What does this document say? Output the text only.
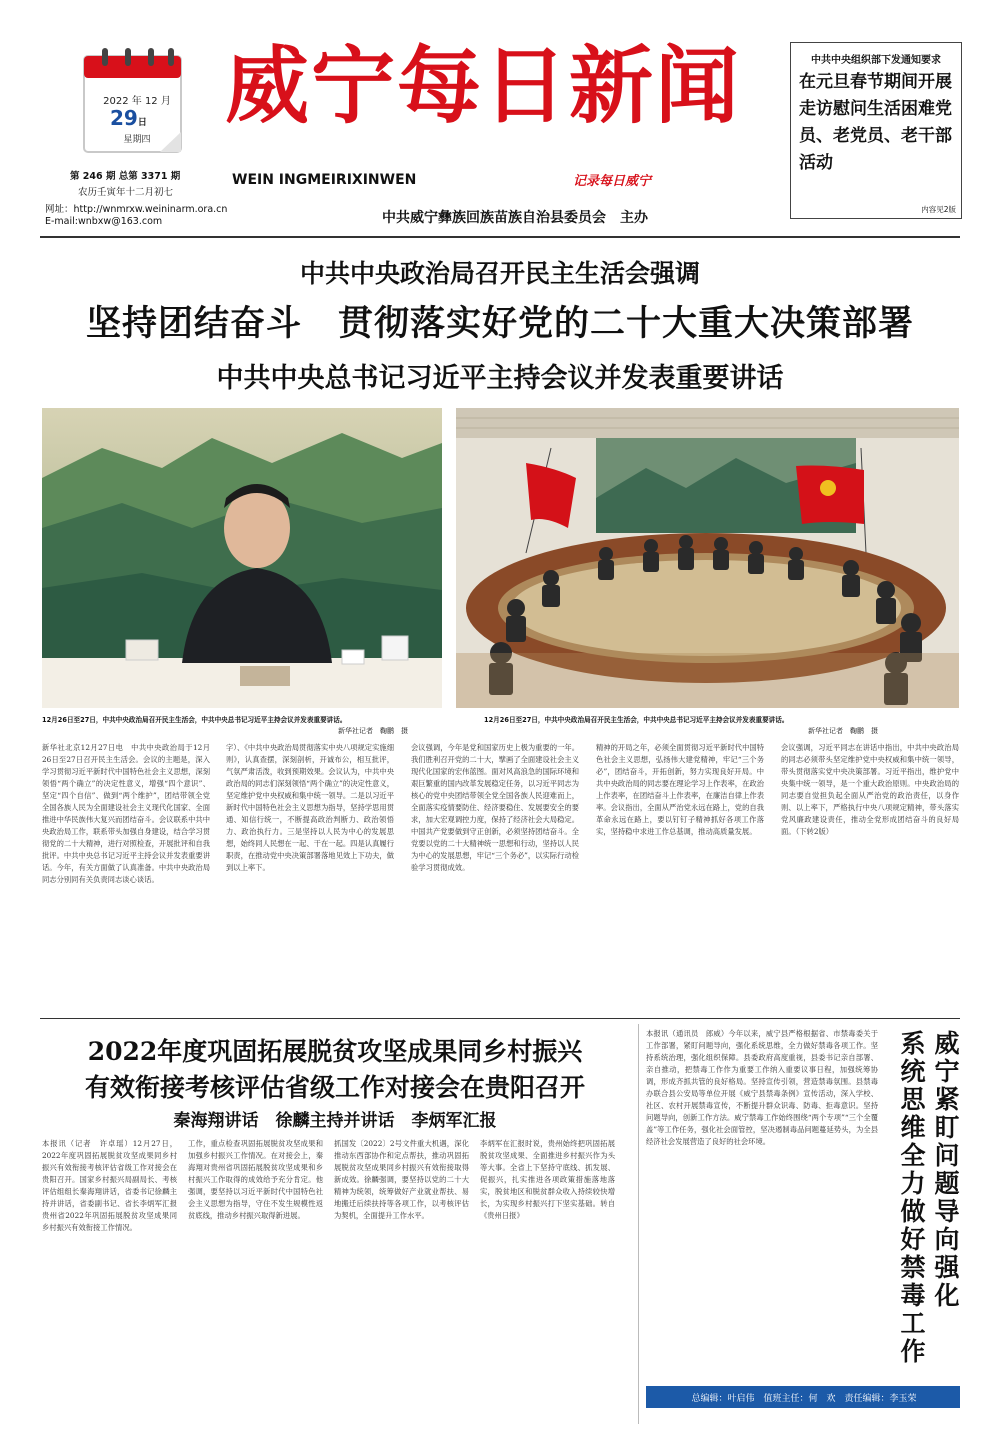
2022 年 12 月
29日
星期四
第 246 期 总第 3371 期
农历壬寅年十二月初七
网址：http://wnmrxw.weininarm.ora.cn
E-mail:wnbxw@163.com
威宁每日新闻
WEIN INGMEIRIXINWEN	记录每日威宁
中共威宁彝族回族苗族自治县委员会　主办
中共中央组织部下发通知要求
在元旦春节期间开展走访慰问生活困难党员、老党员、老干部活动
内容见2版
中共中央政治局召开民主生活会强调
坚持团结奋斗　贯彻落实好党的二十大重大决策部署
中共中央总书记习近平主持会议并发表重要讲话
12月26日至27日，中共中央政治局召开民主生活会，中共中央总书记习近平主持会议并发表重要讲话。
新华社记者　鞠鹏　摄
12月26日至27日，中共中央政治局召开民主生活会，中共中央总书记习近平主持会议并发表重要讲话。
新华社记者　鞠鹏　摄
新华社北京12月27日电　中共中央政治局于12月26日至27日召开民主生活会。会议的主题是，深入学习贯彻习近平新时代中国特色社会主义思想，深刻领悟“两个确立”的决定性意义，增强“四个意识”、坚定“四个自信”、做到“两个维护”，团结带领全党全国各族人民为全面建设社会主义现代化国家、全面推进中华民族伟大复兴而团结奋斗。会议联系中共中央政治局工作，联系带头加强自身建设，结合学习贯彻党的二十大精神，进行对照检查，开展批评和自我批评。中共中央总书记习近平主持会议并发表重要讲话。今年，有关方面做了认真准备。中共中央政治局同志分别同有关负责同志谈心谈话。
字）、《中共中央政治局贯彻落实中央八项规定实施细则》，认真查摆，深刻剖析，开诚布公，相互批评，气氛严肃活泼，收到预期效果。会议认为，中共中央政治局的同志们深刻领悟“两个确立”的决定性意义，坚定维护党中央权威和集中统一领导。二是以习近平新时代中国特色社会主义思想为指导，坚持学思用贯通、知信行统一，不断提高政治判断力、政治领悟力、政治执行力。三是坚持以人民为中心的发展思想，始终同人民想在一起、干在一起。四是认真履行职责，在推动党中央决策部署落地见效上下功夫，做到以上率下。
会议强调，今年是党和国家历史上极为重要的一年。我们胜利召开党的二十大，擘画了全面建设社会主义现代化国家的宏伟蓝图。面对风高浪急的国际环境和艰巨繁重的国内改革发展稳定任务，以习近平同志为核心的党中央团结带领全党全国各族人民迎难而上，全面落实疫情要防住、经济要稳住、发展要安全的要求，加大宏观调控力度，保持了经济社会大局稳定。中国共产党要做到守正创新，必须坚持团结奋斗。全党要以党的二十大精神统一思想和行动，坚持以人民为中心的发展思想，牢记“三个务必”，以实际行动检验学习贯彻成效。
精神的开局之年，必须全面贯彻习近平新时代中国特色社会主义思想，弘扬伟大建党精神，牢记“三个务必”，团结奋斗，开拓创新，努力实现良好开局。中共中央政治局的同志要在理论学习上作表率，在政治上作表率，在团结奋斗上作表率，在廉洁自律上作表率。会议指出，全面从严治党永远在路上，党的自我革命永远在路上，要以钉钉子精神抓好各项工作落实，坚持稳中求进工作总基调，推动高质量发展。
会议强调，习近平同志在讲话中指出，中共中央政治局的同志必须带头坚定维护党中央权威和集中统一领导，带头贯彻落实党中央决策部署。习近平指出，维护党中央集中统一领导，是一个重大政治原则。中央政治局的同志要自觉担负起全面从严治党的政治责任，以身作则、以上率下，严格执行中央八项规定精神，带头落实党风廉政建设责任，推动全党形成团结奋斗的良好局面。（下转2版）
2022年度巩固拓展脱贫攻坚成果同乡村振兴
有效衔接考核评估省级工作对接会在贵阳召开
秦海翔讲话　徐麟主持并讲话　李炳军汇报
本报讯（记者　许卓瑶）12月27日，2022年度巩固拓展脱贫攻坚成果同乡村振兴有效衔接考核评估省级工作对接会在贵阳召开。国家乡村振兴局副局长、考核评估组组长秦海翔讲话，省委书记徐麟主持并讲话，省委副书记、省长李炳军汇报贵州省2022年巩固拓展脱贫攻坚成果同乡村振兴有效衔接工作情况。
工作，重点检查巩固拓展脱贫攻坚成果和加强乡村振兴工作情况。在对接会上，秦海翔对贵州省巩固拓展脱贫攻坚成果和乡村振兴工作取得的成效给予充分肯定。他强调，要坚持以习近平新时代中国特色社会主义思想为指导，守住不发生规模性返贫底线，推动乡村振兴取得新进展。
抓国发〔2022〕2号文件重大机遇，深化推动东西部协作和定点帮扶，推动巩固拓展脱贫攻坚成果同乡村振兴有效衔接取得新成效。徐麟强调，要坚持以党的二十大精神为统领，统筹做好产业就业帮扶、易地搬迁后续扶持等各项工作，以考核评估为契机，全面提升工作水平。
李炳军在汇报时说，贵州始终把巩固拓展脱贫攻坚成果、全面推进乡村振兴作为头等大事。全省上下坚持守底线、抓发展、促振兴，扎实推进各项政策措施落地落实，脱贫地区和脱贫群众收入持续较快增长，为实现乡村振兴打下坚实基础。转自《贵州日报》
本报讯（通讯员　郎威）今年以来，威宁县严格根据省、市禁毒委关于工作部署，紧盯问题导向，强化系统思维，全力做好禁毒各项工作。坚持系统治理，强化组织保障。县委政府高度重视，县委书记亲自部署、亲自推动，把禁毒工作作为重要工作纳入重要议事日程，加强统筹协调，形成齐抓共管的良好格局。坚持宣传引领，营造禁毒氛围。县禁毒办联合县公安局等单位开展《威宁县禁毒条例》宣传活动，深入学校、社区、农村开展禁毒宣传，不断提升群众识毒、防毒、拒毒意识。坚持问题导向，创新工作方法。威宁禁毒工作始终围绕“两个专项”“三个全覆盖”等工作任务，强化社会面管控，坚决遏制毒品问题蔓延势头，为全县经济社会发展营造了良好的社会环境。	威宁紧盯问题导向强化
系统思维全力做好禁毒工作
总编辑：叶启伟　值班主任：何　欢　责任编辑：李玉荣
